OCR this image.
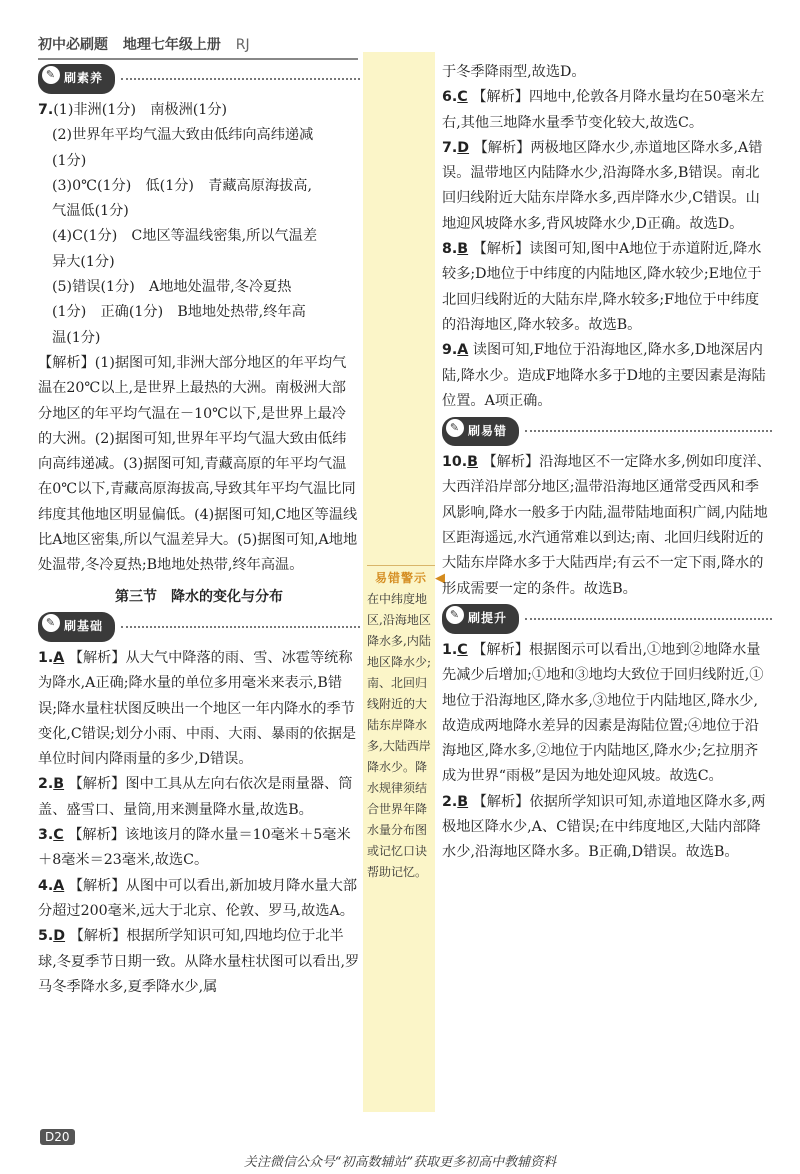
初中必刷题 地理七年级上册 RJ
易错警示 ◀
在中纬度地区,沿海地区降水多,内陆地区降水少;南、北回归线附近的大陆东岸降水多,大陆西岸降水少。降水规律须结合世界年降水量分布图或记忆口诀帮助记忆。
✎ 刷素养
7.(1)非洲(1分)　南极洲(1分)
(2)世界年平均气温大致由低纬向高纬递减
(1分)
(3)0℃(1分)　低(1分)　青藏高原海拔高,
气温低(1分)
(4)C(1分)　C地区等温线密集,所以气温差
异大(1分)
(5)错误(1分)　A地地处温带,冬冷夏热
(1分)　正确(1分)　B地地处热带,终年高
温(1分)
【解析】(1)据图可知,非洲大部分地区的年平均气温在20℃以上,是世界上最热的大洲。南极洲大部分地区的年平均气温在－10℃以下,是世界上最冷的大洲。(2)据图可知,世界年平均气温大致由低纬向高纬递减。(3)据图可知,青藏高原的年平均气温在0℃以下,青藏高原海拔高,导致其年平均气温比同纬度其他地区明显偏低。(4)据图可知,C地区等温线比A地区密集,所以气温差异大。(5)据图可知,A地地处温带,冬冷夏热;B地地处热带,终年高温。
第三节　降水的变化与分布
✎ 刷基础
1.A 【解析】从大气中降落的雨、雪、冰雹等统称为降水,A正确;降水量的单位多用毫米来表示,B错误;降水量柱状图反映出一个地区一年内降水的季节变化,C错误;划分小雨、中雨、大雨、暴雨的依据是单位时间内降雨量的多少,D错误。
2.B 【解析】图中工具从左向右依次是雨量器、筒盖、盛雪口、量筒,用来测量降水量,故选B。
3.C 【解析】该地该月的降水量＝10毫米＋5毫米＋8毫米＝23毫米,故选C。
4.A 【解析】从图中可以看出,新加坡月降水量大部分超过200毫米,远大于北京、伦敦、罗马,故选A。
5.D 【解析】根据所学知识可知,四地均位于北半球,冬夏季节日期一致。从降水量柱状图可以看出,罗马冬季降水多,夏季降水少,属
于冬季降雨型,故选D。
6.C 【解析】四地中,伦敦各月降水量均在50毫米左右,其他三地降水量季节变化较大,故选C。
7.D 【解析】两极地区降水少,赤道地区降水多,A错误。温带地区内陆降水少,沿海降水多,B错误。南北回归线附近大陆东岸降水多,西岸降水少,C错误。山地迎风坡降水多,背风坡降水少,D正确。故选D。
8.B 【解析】读图可知,图中A地位于赤道附近,降水较多;D地位于中纬度的内陆地区,降水较少;E地位于北回归线附近的大陆东岸,降水较多;F地位于中纬度的沿海地区,降水较多。故选B。
9.A 读图可知,F地位于沿海地区,降水多,D地深居内陆,降水少。造成F地降水多于D地的主要因素是海陆位置。A项正确。
✎ 刷易错
10.B 【解析】沿海地区不一定降水多,例如印度洋、大西洋沿岸部分地区;温带沿海地区通常受西风和季风影响,降水一般多于内陆,温带陆地面积广阔,内陆地区距海遥远,水汽通常难以到达;南、北回归线附近的大陆东岸降水多于大陆西岸;有云不一定下雨,降水的形成需要一定的条件。故选B。
✎ 刷提升
1.C 【解析】根据图示可以看出,①地到②地降水量先减少后增加;①地和③地均大致位于回归线附近,①地位于沿海地区,降水多,③地位于内陆地区,降水少,故造成两地降水差异的因素是海陆位置;④地位于沿海地区,降水多,②地位于内陆地区,降水少;乞拉朋齐成为世界“雨极”是因为地处迎风坡。故选C。
2.B 【解析】依据所学知识可知,赤道地区降水多,两极地区降水少,A、C错误;在中纬度地区,大陆内部降水少,沿海地区降水多。B正确,D错误。故选B。
D20
关注微信公众号“初高数辅站”获取更多初高中教辅资料
